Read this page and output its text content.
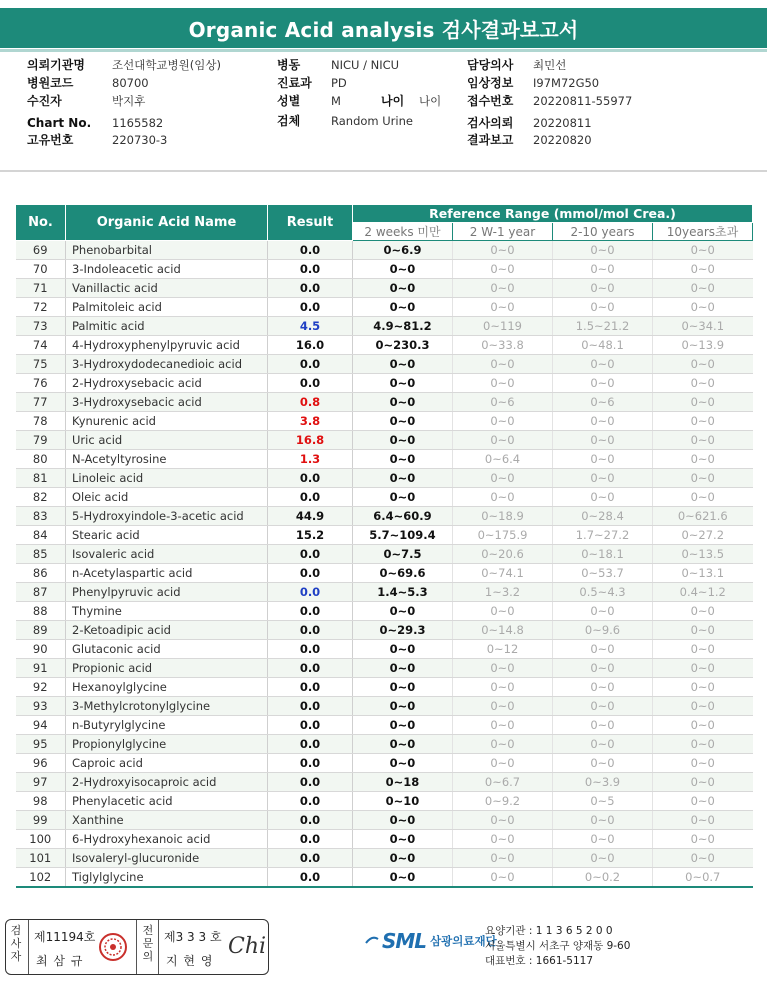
Organic Acid analysis 검사결과보고서
의뢰기관명 조선대학교병원(임상)
병원코드	80700
수진자	박지후
Chart No. 1165582
고유번호	220730-3
병동	NICU / NICU
진료과 PD
성별	M	나이 나이
검체	Random Urine
담당의사 최민선
임상정보 I97M72G50
접수번호 20220811-55977
검사의뢰 20220811
결과보고 20220820
No.	Organic Acid Name	Result	Reference Range (mmol/mol Crea.)			
			2 weeks 미만	2 W-1 year	2-10 years	10years초과
69	Phenobarbital	0.0	0~6.9	0~0	0~0	0~0
70	3-Indoleacetic acid	0.0	0~0	0~0	0~0	0~0
71	Vanillactic acid	0.0	0~0	0~0	0~0	0~0
72	Palmitoleic acid	0.0	0~0	0~0	0~0	0~0
73	Palmitic acid	4.5	4.9~81.2	0~119	1.5~21.2	0~34.1
74	4-Hydroxyphenylpyruvic acid	16.0	0~230.3	0~33.8	0~48.1	0~13.9
75	3-Hydroxydodecanedioic acid	0.0	0~0	0~0	0~0	0~0
76	2-Hydroxysebacic acid	0.0	0~0	0~0	0~0	0~0
77	3-Hydroxysebacic acid	0.8	0~0	0~6	0~6	0~0
78	Kynurenic acid	3.8	0~0	0~0	0~0	0~0
79	Uric acid	16.8	0~0	0~0	0~0	0~0
80	N-Acetyltyrosine	1.3	0~0	0~6.4	0~0	0~0
81	Linoleic acid	0.0	0~0	0~0	0~0	0~0
82	Oleic acid	0.0	0~0	0~0	0~0	0~0
83	5-Hydroxyindole-3-acetic acid	44.9	6.4~60.9	0~18.9	0~28.4	0~621.6
84	Stearic acid	15.2	5.7~109.4	0~175.9	1.7~27.2	0~27.2
85	Isovaleric acid	0.0	0~7.5	0~20.6	0~18.1	0~13.5
86	n-Acetylaspartic acid	0.0	0~69.6	0~74.1	0~53.7	0~13.1
87	Phenylpyruvic acid	0.0	1.4~5.3	1~3.2	0.5~4.3	0.4~1.2
88	Thymine	0.0	0~0	0~0	0~0	0~0
89	2-Ketoadipic acid	0.0	0~29.3	0~14.8	0~9.6	0~0
90	Glutaconic acid	0.0	0~0	0~12	0~0	0~0
91	Propionic acid	0.0	0~0	0~0	0~0	0~0
92	Hexanoylglycine	0.0	0~0	0~0	0~0	0~0
93	3-Methylcrotonylglycine	0.0	0~0	0~0	0~0	0~0
94	n-Butyrylglycine	0.0	0~0	0~0	0~0	0~0
95	Propionylglycine	0.0	0~0	0~0	0~0	0~0
96	Caproic acid	0.0	0~0	0~0	0~0	0~0
97	2-Hydroxyisocaproic acid	0.0	0~18	0~6.7	0~3.9	0~0
98	Phenylacetic acid	0.0	0~10	0~9.2	0~5	0~0
99	Xanthine	0.0	0~0	0~0	0~0	0~0
100	6-Hydroxyhexanoic acid	0.0	0~0	0~0	0~0	0~0
101	Isovaleryl-glucuronide	0.0	0~0	0~0	0~0	0~0
102	Tiglylglycine	0.0	0~0	0~0	0~0.2	0~0.7
검사자
제11194호
최 삼 규
전문의
제3 3 3 호
지 현 영
Chi	SML 삼광의료재단
요양기관 : 1 1 3 6 5 2 0 0
서울특별시 서초구 양재동 9-60
대표번호 : 1661-5117
